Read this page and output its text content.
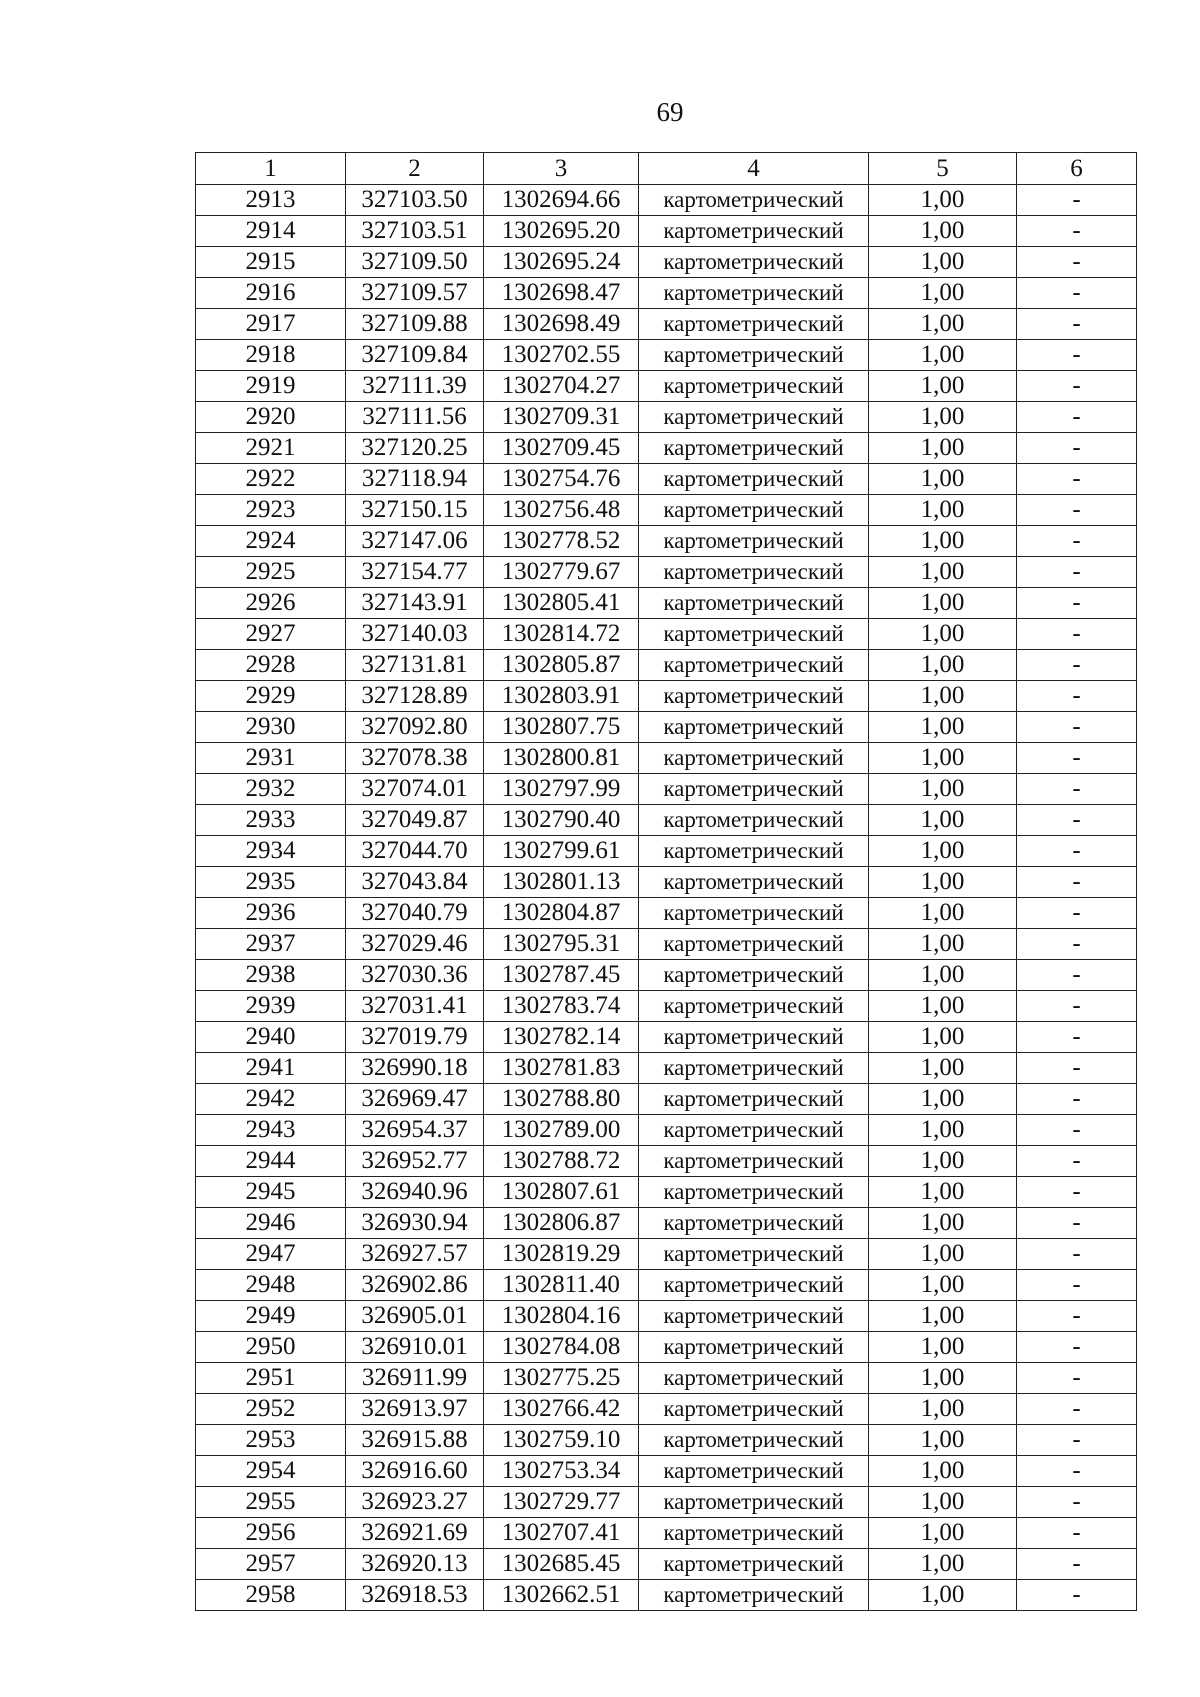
69
1	2	3	4	5	6
2913	327103.50	1302694.66	картометрический	1,00	-
2914	327103.51	1302695.20	картометрический	1,00	-
2915	327109.50	1302695.24	картометрический	1,00	-
2916	327109.57	1302698.47	картометрический	1,00	-
2917	327109.88	1302698.49	картометрический	1,00	-
2918	327109.84	1302702.55	картометрический	1,00	-
2919	327111.39	1302704.27	картометрический	1,00	-
2920	327111.56	1302709.31	картометрический	1,00	-
2921	327120.25	1302709.45	картометрический	1,00	-
2922	327118.94	1302754.76	картометрический	1,00	-
2923	327150.15	1302756.48	картометрический	1,00	-
2924	327147.06	1302778.52	картометрический	1,00	-
2925	327154.77	1302779.67	картометрический	1,00	-
2926	327143.91	1302805.41	картометрический	1,00	-
2927	327140.03	1302814.72	картометрический	1,00	-
2928	327131.81	1302805.87	картометрический	1,00	-
2929	327128.89	1302803.91	картометрический	1,00	-
2930	327092.80	1302807.75	картометрический	1,00	-
2931	327078.38	1302800.81	картометрический	1,00	-
2932	327074.01	1302797.99	картометрический	1,00	-
2933	327049.87	1302790.40	картометрический	1,00	-
2934	327044.70	1302799.61	картометрический	1,00	-
2935	327043.84	1302801.13	картометрический	1,00	-
2936	327040.79	1302804.87	картометрический	1,00	-
2937	327029.46	1302795.31	картометрический	1,00	-
2938	327030.36	1302787.45	картометрический	1,00	-
2939	327031.41	1302783.74	картометрический	1,00	-
2940	327019.79	1302782.14	картометрический	1,00	-
2941	326990.18	1302781.83	картометрический	1,00	-
2942	326969.47	1302788.80	картометрический	1,00	-
2943	326954.37	1302789.00	картометрический	1,00	-
2944	326952.77	1302788.72	картометрический	1,00	-
2945	326940.96	1302807.61	картометрический	1,00	-
2946	326930.94	1302806.87	картометрический	1,00	-
2947	326927.57	1302819.29	картометрический	1,00	-
2948	326902.86	1302811.40	картометрический	1,00	-
2949	326905.01	1302804.16	картометрический	1,00	-
2950	326910.01	1302784.08	картометрический	1,00	-
2951	326911.99	1302775.25	картометрический	1,00	-
2952	326913.97	1302766.42	картометрический	1,00	-
2953	326915.88	1302759.10	картометрический	1,00	-
2954	326916.60	1302753.34	картометрический	1,00	-
2955	326923.27	1302729.77	картометрический	1,00	-
2956	326921.69	1302707.41	картометрический	1,00	-
2957	326920.13	1302685.45	картометрический	1,00	-
2958	326918.53	1302662.51	картометрический	1,00	-
